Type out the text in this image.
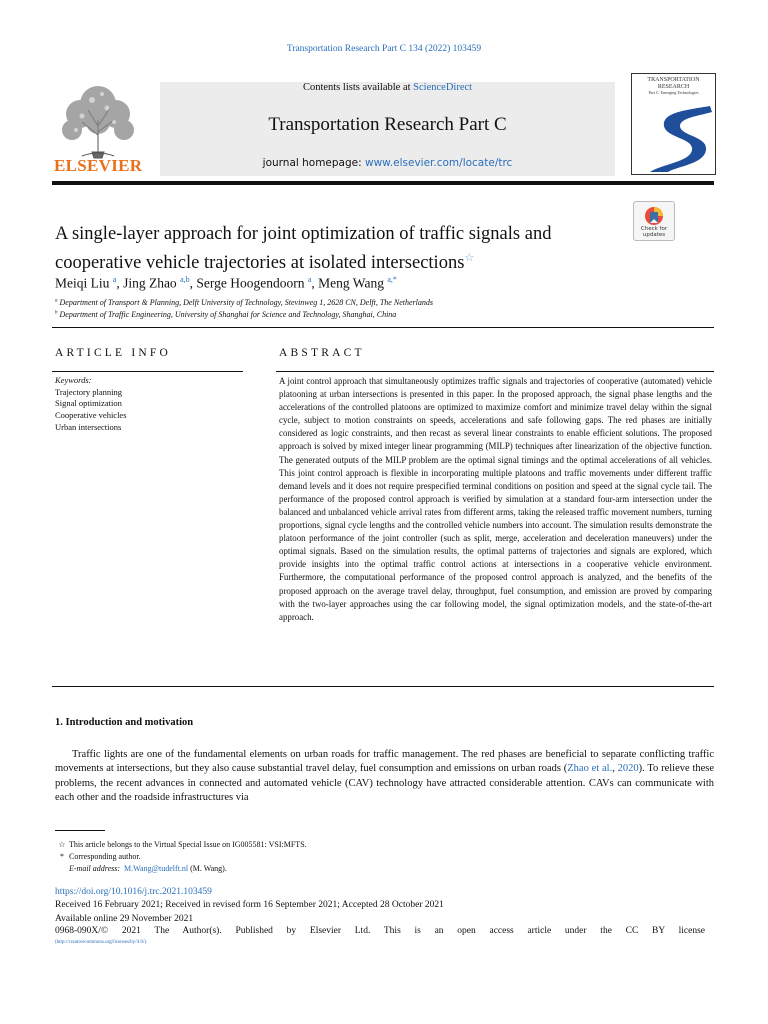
Transportation Research Part C 134 (2022) 103459
ELSEVIER
Contents lists available at ScienceDirect
Transportation Research Part C
journal homepage: www.elsevier.com/locate/trc
TRANSPORTATION RESEARCH
Part C: Emerging Technologies
Check for updates
A single-layer approach for joint optimization of traffic signals and
cooperative vehicle trajectories at isolated intersections☆
Meiqi Liu $^a$, Jing Zhao $^{a,b}$, Serge Hoogendoorn $^a$, Meng Wang $^{a,*}$
$^a$ Department of Transport & Planning, Delft University of Technology, Stevinweg 1, 2628 CN, Delft, The Netherlands
$^b$ Department of Traffic Engineering, University of Shanghai for Science and Technology, Shanghai, China
ARTICLE INFO	ABSTRACT
Keywords:
Trajectory planning
Signal optimization
Cooperative vehicles
Urban intersections
A joint control approach that simultaneously optimizes traffic signals and trajectories of cooperative (automated) vehicle platooning at urban intersections is presented in this paper. In the proposed approach, the signal phase lengths and the accelerations of the controlled platoons are optimized to maximize comfort and minimize travel delay within the signal cycle, subject to motion constraints on speeds, accelerations and safe following gaps. The red phases are initially considered as logic constraints, and then recast as several linear constraints to enable efficient solutions. The proposed approach is solved by mixed integer linear programming (MILP) techniques after linearization of the objective function. The generated outputs of the MILP problem are the optimal signal timings and the optimal accelerations of all vehicles. This joint control approach is flexible in incorporating multiple platoons and traffic movements under different traffic demand levels and it does not require prespecified terminal conditions on position and speed at the signal cycle tail. The performance of the proposed control approach is verified by simulation at a standard four-arm intersection under the balanced and unbalanced vehicle arrival rates from different arms, taking the released traffic movement numbers, turning proportions, signal cycle lengths and the controlled vehicle numbers into account. The simulation results demonstrate the platoon performance of the joint controller (such as split, merge, acceleration and deceleration maneuvers) under the optimal signals. Based on the simulation results, the optimal patterns of trajectories and signals are explored, which provide insights into the optimal traffic control actions at intersections in a cooperative vehicle environment. Furthermore, the computational performance of the proposed control approach is analyzed, and the benefits of the proposed approach on the average travel delay, throughput, fuel consumption, and emission are proved by comparing with the two-layer approaches using the car following model, the signal optimization models, and the state-of-the-art approach.
1. Introduction and motivation
Traffic lights are one of the fundamental elements on urban roads for traffic management. The red phases are beneficial to separate conflicting traffic movements at intersections, but they also cause substantial travel delay, fuel consumption and emissions on urban roads (Zhao et al., 2020). To relieve these problems, the recent advances in connected and automated vehicle (CAV) technology have attracted considerable attention. CAVs can communicate with each other and the roadside infrastructures via
☆ This article belongs to the Virtual Special Issue on IG005581: VSI:MFTS.
* Corresponding author.
E-mail address: M.Wang@tudelft.nl (M. Wang).
https://doi.org/10.1016/j.trc.2021.103459
Received 16 February 2021; Received in revised form 16 September 2021; Accepted 28 October 2021
Available online 29 November 2021
0968-090X/© 2021 The Author(s). Published by Elsevier Ltd. This is an open access article under the CC BY license
(http://creativecommons.org/licenses/by/4.0/).
